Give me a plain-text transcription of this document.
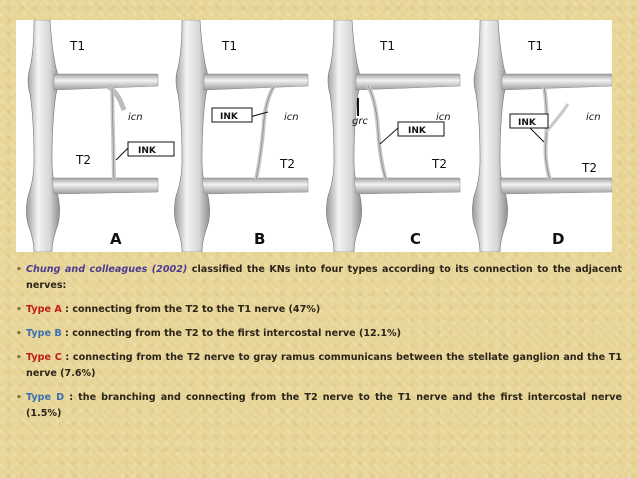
INK
T1
T2
icn
A
INK
T1
T2
icn
B
INK
T1
T2
icn
grc
C
INK
T1
T2
icn
D
• Chung and colleagues (2002) classified the KNs into four types according to its connection to the adjacent nerves:
• Type A : connecting from the T2 to the T1 nerve (47%)
• Type B : connecting from the T2 to the first intercostal nerve (12.1%)
• Type C : connecting from the T2 nerve to gray ramus communicans between the stellate ganglion and the T1 nerve (7.6%)
• Type D : the branching and connecting from the T2 nerve to the T1 nerve and the first intercostal nerve (1.5%)
